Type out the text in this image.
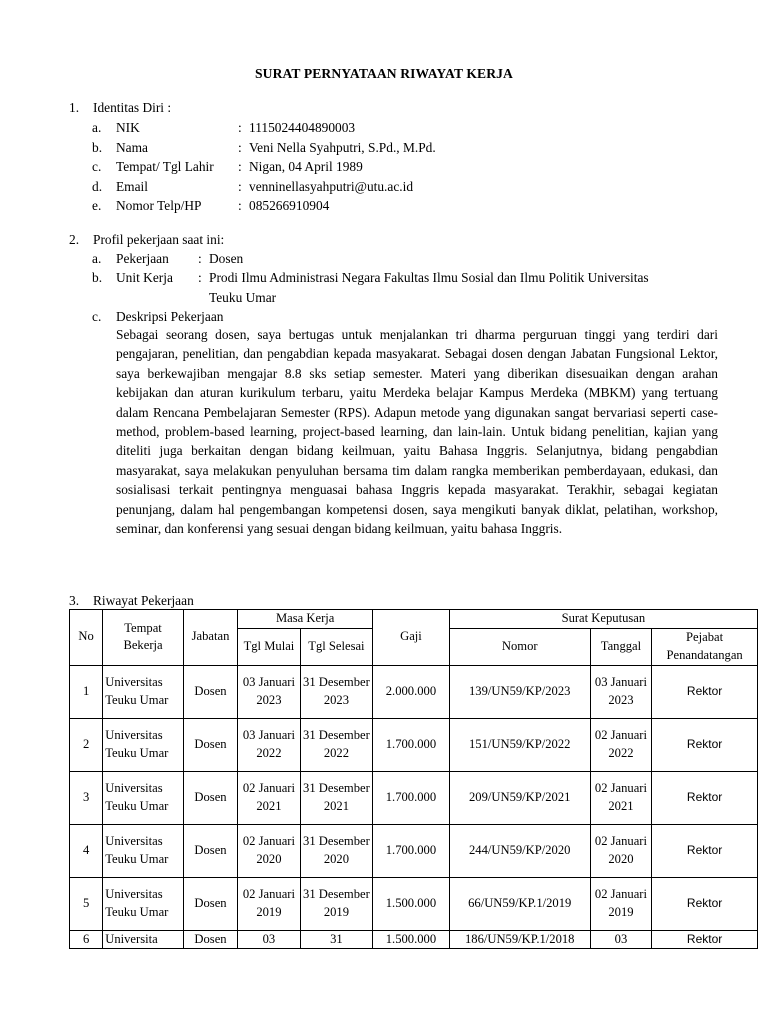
SURAT PERNYATAAN RIWAYAT KERJA
1. Identitas Diri :
a. NIK	: 1115024404890003
b. Nama	: Veni Nella Syahputri, S.Pd., M.Pd.
c. Tempat/ Tgl Lahir : Nigan, 04 April 1989
d. Email	: venninellasyahputri@utu.ac.id
e. Nomor Telp/HP	: 085266910904
2. Profil pekerjaan saat ini:
a. Pekerjaan : Dosen
b. Unit Kerja : Prodi Ilmu Administrasi Negara Fakultas Ilmu Sosial dan Ilmu Politik Universitas
Teuku Umar
c. Deskripsi Pekerjaan
Sebagai seorang dosen, saya bertugas untuk menjalankan tri dharma perguruan tinggi yang terdiri dari pengajaran, penelitian, dan pengabdian kepada masyakarat. Sebagai dosen dengan Jabatan Fungsional Lektor, saya berkewajiban mengajar 8.8 sks setiap semester. Materi yang diberikan disesuaikan dengan arahan kebijakan dan aturan kurikulum terbaru, yaitu Merdeka belajar Kampus Merdeka (MBKM) yang tertuang dalam Rencana Pembelajaran Semester (RPS). Adapun metode yang digunakan sangat bervariasi seperti case-method, problem-based learning, project-based learning, dan lain-lain. Untuk bidang penelitian, kajian yang diteliti juga berkaitan dengan bidang keilmuan, yaitu Bahasa Inggris. Selanjutnya, bidang pengabdian masyarakat, saya melakukan penyuluhan bersama tim dalam rangka memberikan pemberdayaan, edukasi, dan sosialisasi terkait pentingnya menguasai bahasa Inggris kepada masyarakat. Terakhir, sebagai kegiatan penunjang, dalam hal pengembangan kompetensi dosen, saya mengikuti banyak diklat, pelatihan, workshop, seminar, dan konferensi yang sesuai dengan bidang keilmuan, yaitu bahasa Inggris.
3. Riwayat Pekerjaan
No	Tempat Bekerja	Jabatan	Masa Kerja		Gaji	Surat Keputusan		
			Tgl Mulai	Tgl Selesai		Nomor	Tanggal	Pejabat Penandatangan
1	Universitas Teuku Umar	Dosen	03 Januari 2023	31 Desember 2023	2.000.000	139/UN59/KP/2023	03 Januari 2023	Rektor
2	Universitas Teuku Umar	Dosen	03 Januari 2022	31 Desember 2022	1.700.000	151/UN59/KP/2022	02 Januari 2022	Rektor
3	Universitas Teuku Umar	Dosen	02 Januari 2021	31 Desember 2021	1.700.000	209/UN59/KP/2021	02 Januari 2021	Rektor
4	Universitas Teuku Umar	Dosen	02 Januari 2020	31 Desember 2020	1.700.000	244/UN59/KP/2020	02 Januari 2020	Rektor
5	Universitas Teuku Umar	Dosen	02 Januari 2019	31 Desember 2019	1.500.000	66/UN59/KP.1/2019	02 Januari 2019	Rektor
6	Universita	Dosen	03	31	1.500.000	186/UN59/KP.1/2018	03	Rektor
